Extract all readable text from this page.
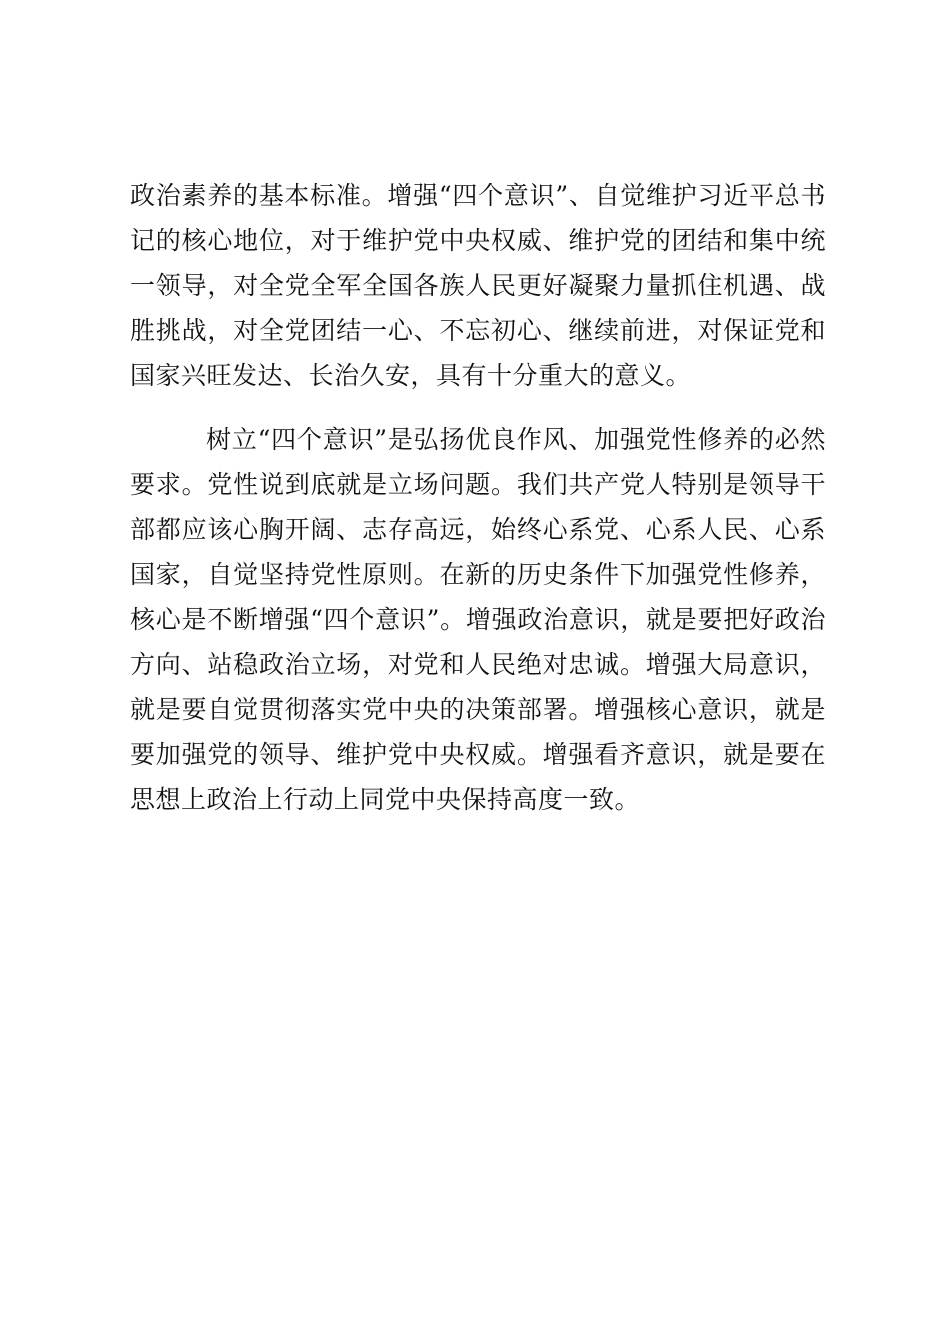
政治素养的基本标准。增强“四个意识”、自觉维护习近平总书记的核心地位，对于维护党中央权威、维护党的团结和集中统一领导，对全党全军全国各族人民更好凝聚力量抓住机遇、战胜挑战，对全党团结一心、不忘初心、继续前进，对保证党和国家兴旺发达、长治久安，具有十分重大的意义。

树立“四个意识”是弘扬优良作风、加强党性修养的必然要求。党性说到底就是立场问题。我们共产党人特别是领导干部都应该心胸开阔、志存高远，始终心系党、心系人民、心系国家，自觉坚持党性原则。在新的历史条件下加强党性修养，核心是不断增强“四个意识”。增强政治意识，就是要把好政治方向、站稳政治立场，对党和人民绝对忠诚。增强大局意识，就是要自觉贯彻落实党中央的决策部署。增强核心意识，就是要加强党的领导、维护党中央权威。增强看齐意识，就是要在思想上政治上行动上同党中央保持高度一致。
